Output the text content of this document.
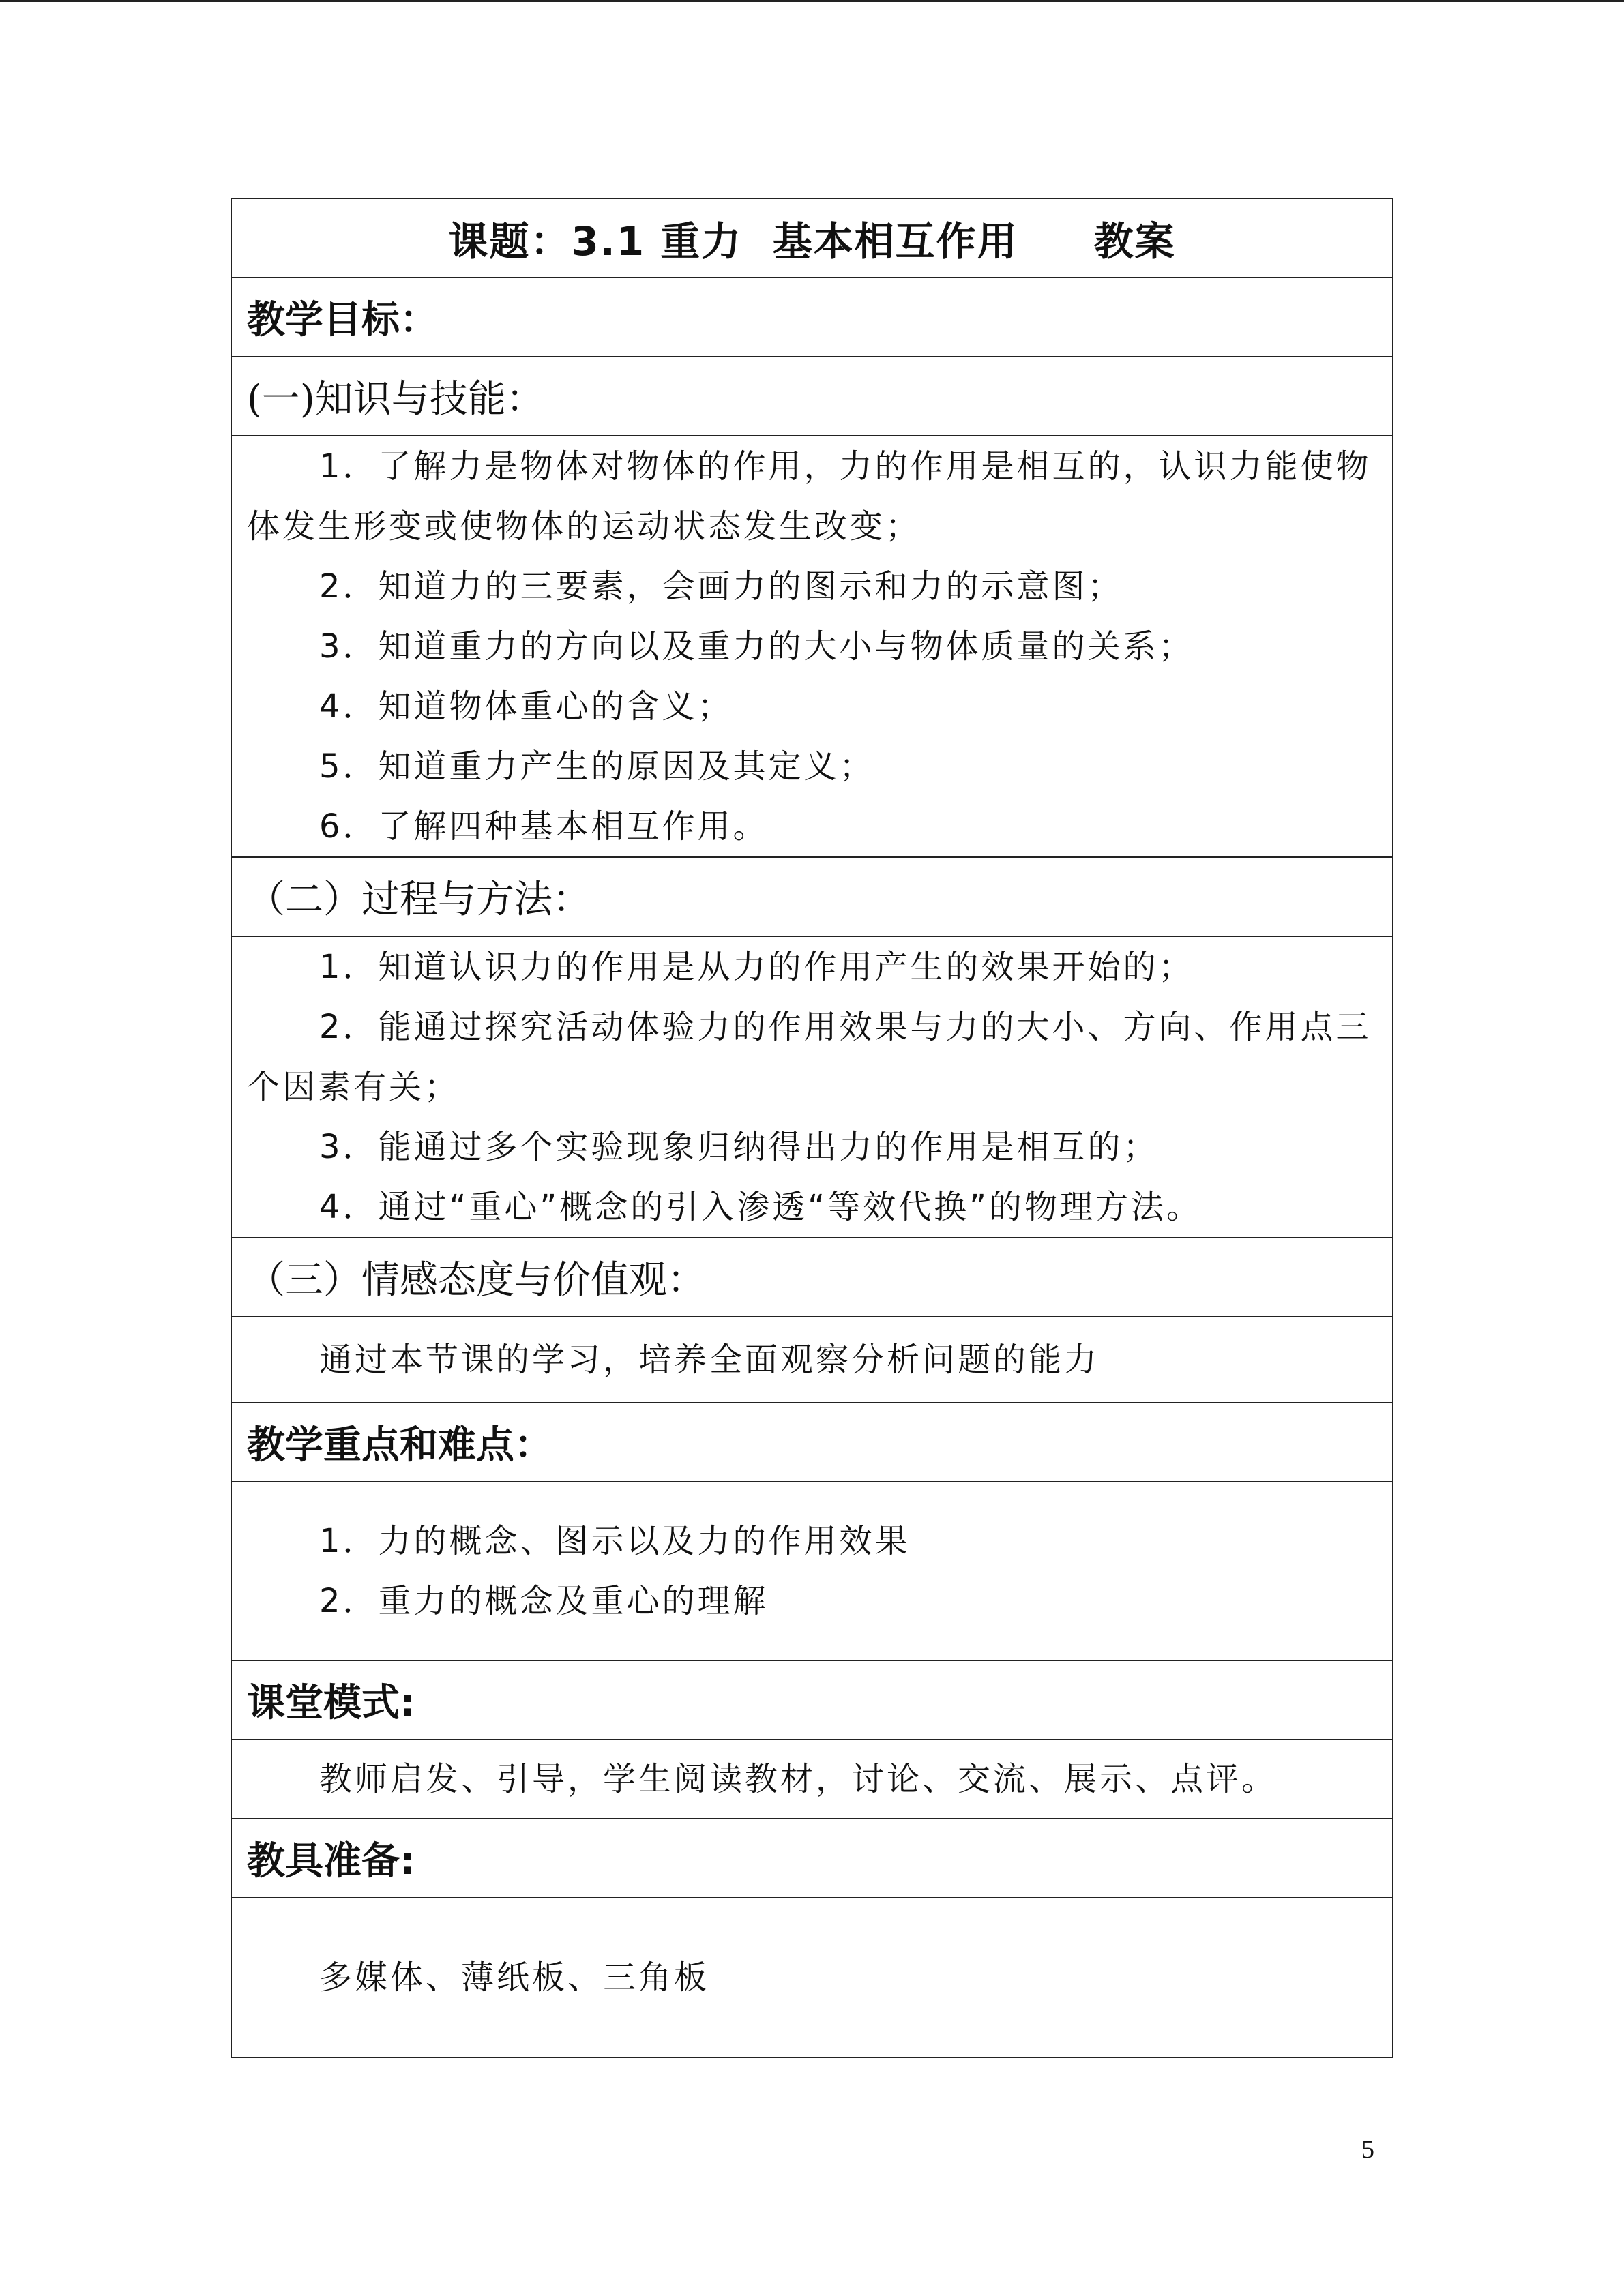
课题：3.1 重力  基本相互作用     教案
教学目标：
(一)知识与技能：

1．了解力是物体对物体的作用，力的作用是相互的，认识力能使物体发生形变或使物体的运动状态发生改变；
2．知道力的三要素，会画力的图示和力的示意图；
3．知道重力的方向以及重力的大小与物体质量的关系；
4．知道物体重心的含义；
5．知道重力产生的原因及其定义；
6．了解四种基本相互作用。

（二）过程与方法：

1．知道认识力的作用是从力的作用产生的效果开始的；
2．能通过探究活动体验力的作用效果与力的大小、方向、作用点三个因素有关；
3．能通过多个实验现象归纳得出力的作用是相互的；
4．通过“重心”概念的引入渗透“等效代换”的物理方法。

（三）情感态度与价值观：

通过本节课的学习，培养全面观察分析问题的能力

教学重点和难点：

1．力的概念、图示以及力的作用效果
2．重力的概念及重心的理解

课堂模式:

教师启发、引导，学生阅读教材，讨论、交流、展示、点评。

教具准备:

多媒体、薄纸板、三角板
5
